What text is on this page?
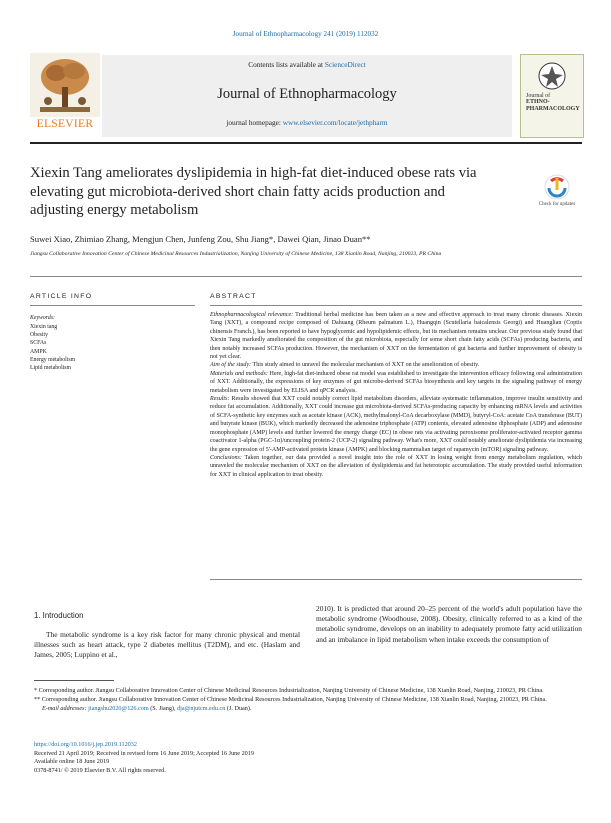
Journal of Ethnopharmacology 241 (2019) 112032
ELSEVIER
Contents lists available at ScienceDirect
Journal of Ethnopharmacology
journal homepage: www.elsevier.com/locate/jethpharm
Journal of
ETHNO-
PHARMACOLOGY
Xiexin Tang ameliorates dyslipidemia in high-fat diet-induced obese rats via elevating gut microbiota-derived short chain fatty acids production and adjusting energy metabolism	Check for updates
Suwei Xiao, Zhimiao Zhang, Mengjun Chen, Junfeng Zou, Shu Jiang*, Dawei Qian, Jinao Duan**
Jiangsu Collaborative Innovation Center of Chinese Medicinal Resources Industrialization, Nanjing University of Chinese Medicine, 138 Xianlin Road, Nanjing, 210023, PR China
ARTICLE INFO	ABSTRACT
Keywords:
Xiexin tang
Obesity
SCFAs
AMPK
Energy metabolism
Lipid metabolism

Ethnopharmacological relevance: Traditional herbal medicine has been taken as a new and effective approach to treat many chronic diseases. Xiexin Tang (XXT), a compound recipe composed of Dahuang (Rheum palmatum L.), Huangqin (Scutellaria baicalensis Georgi) and Huanglian (Coptis chinensis Franch.), has been reported to have hypoglycemic and hypolipidemic effects, but its mechanism remains unclear. Our previous study found that Xiexin Tang markedly ameliorated the composition of the gut microbiota, especially for some short chain fatty acids (SCFAs) producing bacteria, and then notably increased SCFAs production. However, the mechanism of XXT on the fermentation of gut bacteria and further improvement of obesity is not yet clear.

Aim of the study: This study aimed to unravel the molecular mechanism of XXT on the amelioration of obesity.

Materials and methods: Here, high-fat diet-induced obese rat model was established to investigate the intervention efficacy following oral administration of XXT. Additionally, the expressions of key enzymes of gut microbe-derived SCFAs biosynthesis and key targets in the signaling pathway of energy metabolism were investigated by ELISA and qPCR analysis.

Results: Results showed that XXT could notably correct lipid metabolism disorders, alleviate systematic inflammation, improve insulin sensitivity and reduce fat accumulation. Additionally, XXT could increase gut microbiota-derived SCFAs-producing capacity by enhancing mRNA levels and activities of SCFA-synthetic key enzymes such as acetate kinase (ACK), methylmalonyl-CoA decarboxylase (MMD), butyryl-CoA: acetate CoA transferase (BUT) and butyrate kinase (BUK), which markedly decreased the adenosine triphosphate (ATP) contents, elevated adenosine diphosphate (ADP) and adenosine monophosphate (AMP) levels and further lowered the energy charge (EC) in obese rats via activating peroxisome proliferator-activated receptor gamma coactivator 1-alpha (PGC-1α)/uncoupling protein-2 (UCP-2) signaling pathway. What's more, XXT could notably ameliorate dyslipidemia via increasing the gene expression of 5'-AMP-activated protein kinase (AMPK) and blocking mammalian target of rapamycin (mTOR) signaling pathway.

Conclusions: Taken together, our data provided a novel insight into the role of XXT in losing weight from energy metabolism regulation, which unraveled the molecular mechanism of XXT on the alleviation of dyslipidemia and fat heterotopic accumulation. The study provided useful information for XXT in clinical application to treat obesity.

1. Introduction
The metabolic syndrome is a key risk factor for many chronic physical and mental illnesses such as heart attack, type 2 diabetes mellitus (T2DM), and etc. (Haslam and James, 2005; Luppino et al.,
2010). It is predicted that around 20–25 percent of the world's adult population have the metabolic syndrome (Woodhouse, 2008). Obesity, clinically referred to as a kind of the metabolic syndrome, develops on an inability to adequately promote fatty acid utilization and an imbalance in lipid metabolism when intake exceeds the consumption of

* Corresponding author. Jiangsu Collaborative Innovation Center of Chinese Medicinal Resources Industrialization, Nanjing University of Chinese Medicine, 138 Xianlin Road, Nanjing, 210023, PR China.

** Corresponding author. Jiangsu Collaborative Innovation Center of Chinese Medicinal Resources Industrialization, Nanjing University of Chinese Medicine, 138 Xianlin Road, Nanjing, 210023, PR China.

E-mail addresses: jiangshu2020@126.com (S. Jiang), dja@njutcm.edu.cn (J. Duan).

https://doi.org/10.1016/j.jep.2019.112032

Received 21 April 2019; Received in revised form 16 June 2019; Accepted 16 June 2019

Available online 18 June 2019

0378-8741/ © 2019 Elsevier B.V. All rights reserved.
